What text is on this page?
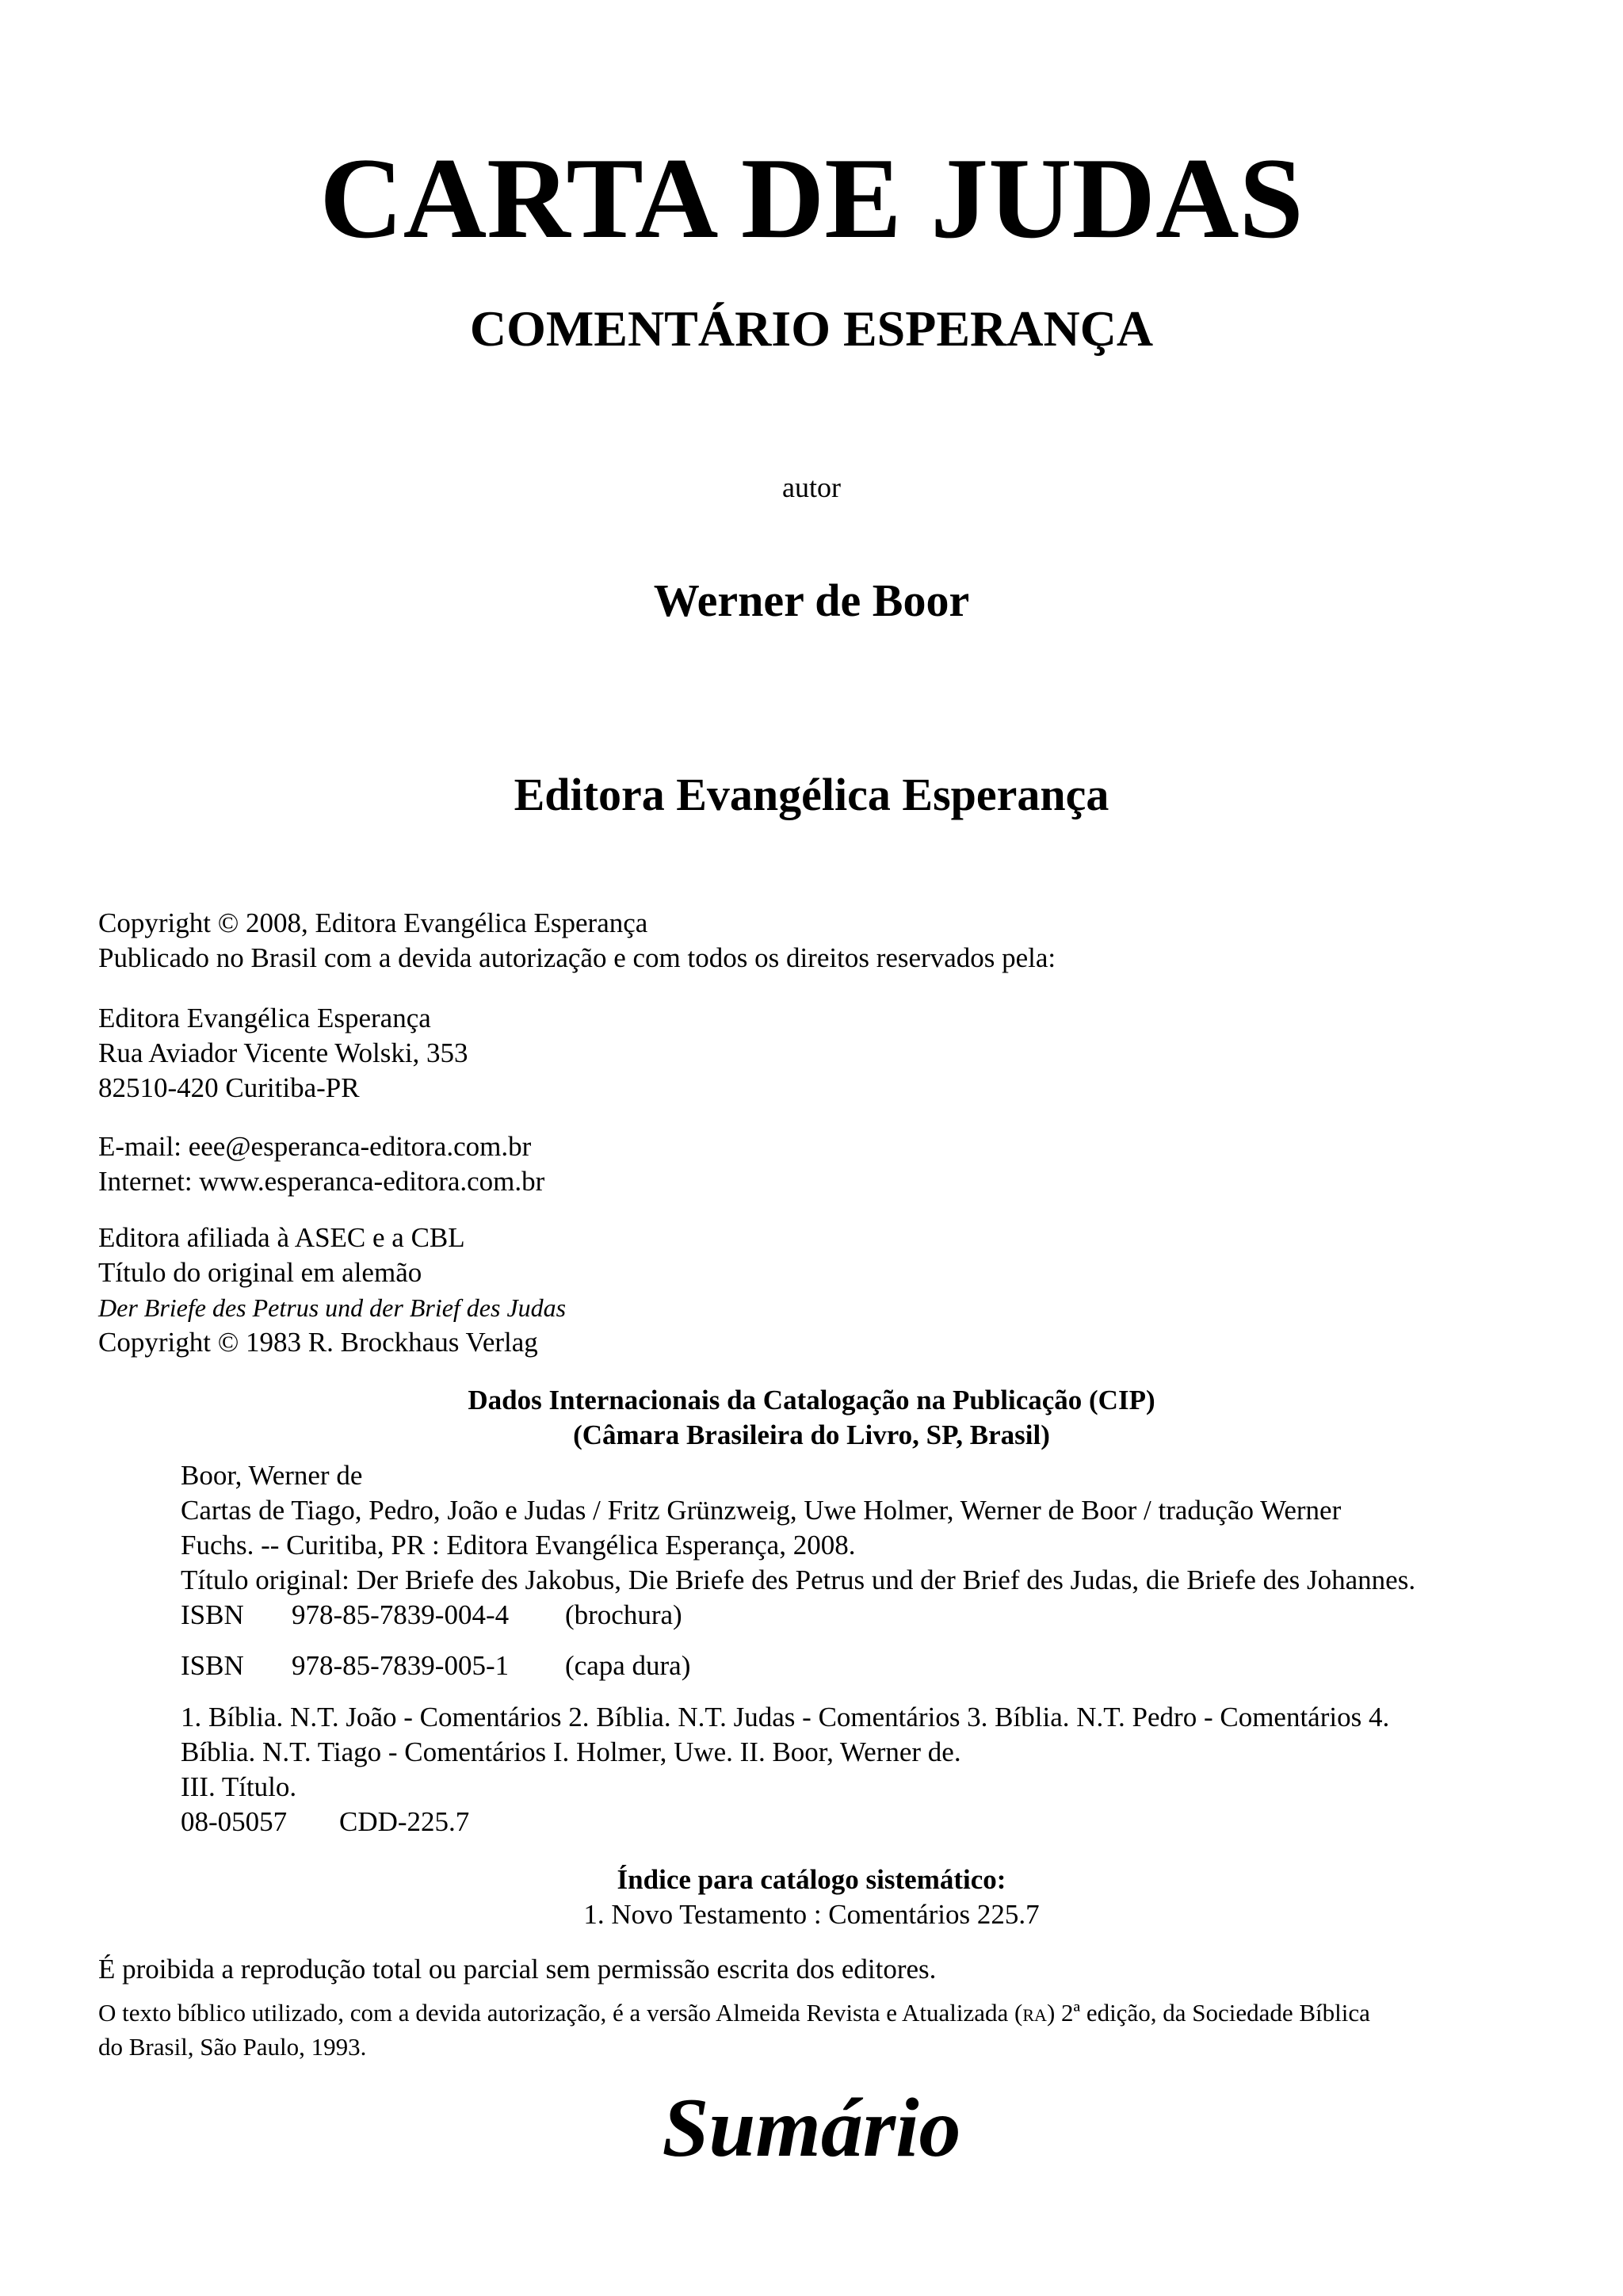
CARTA DE JUDAS
COMENTÁRIO ESPERANÇA
autor
Werner de Boor
Editora Evangélica Esperança
Copyright © 2008, Editora Evangélica Esperança
Publicado no Brasil com a devida autorização e com todos os direitos reservados pela:
Editora Evangélica Esperança
Rua Aviador Vicente Wolski, 353
82510-420 Curitiba-PR
E-mail: eee@esperanca-editora.com.br
Internet: www.esperanca-editora.com.br
Editora afiliada à ASEC e a CBL
Título do original em alemão
Der Briefe des Petrus und der Brief des Judas
Copyright © 1983 R. Brockhaus Verlag
Dados Internacionais da Catalogação na Publicação (CIP)
(Câmara Brasileira do Livro, SP, Brasil)
Boor, Werner de
Cartas de Tiago, Pedro, João e Judas / Fritz Grünzweig, Uwe Holmer, Werner de Boor / tradução Werner
Fuchs. -- Curitiba, PR : Editora Evangélica Esperança, 2008.
Título original: Der Briefe des Jakobus, Die Briefe des Petrus und der Brief des Judas, die Briefe des Johannes.
ISBN 978-85-7839-004-4 (brochura)
ISBN 978-85-7839-005-1 (capa dura)
1. Bíblia. N.T. João - Comentários 2. Bíblia. N.T. Judas - Comentários 3. Bíblia. N.T. Pedro - Comentários 4.
Bíblia. N.T. Tiago - Comentários I. Holmer, Uwe. II. Boor, Werner de.
III. Título.
08-05057 CDD-225.7
Índice para catálogo sistemático:
1. Novo Testamento : Comentários 225.7
É proibida a reprodução total ou parcial sem permissão escrita dos editores.
O texto bíblico utilizado, com a devida autorização, é a versão Almeida Revista e Atualizada (RA) 2ª edição, da Sociedade Bíblica
do Brasil, São Paulo, 1993.
Sumário
